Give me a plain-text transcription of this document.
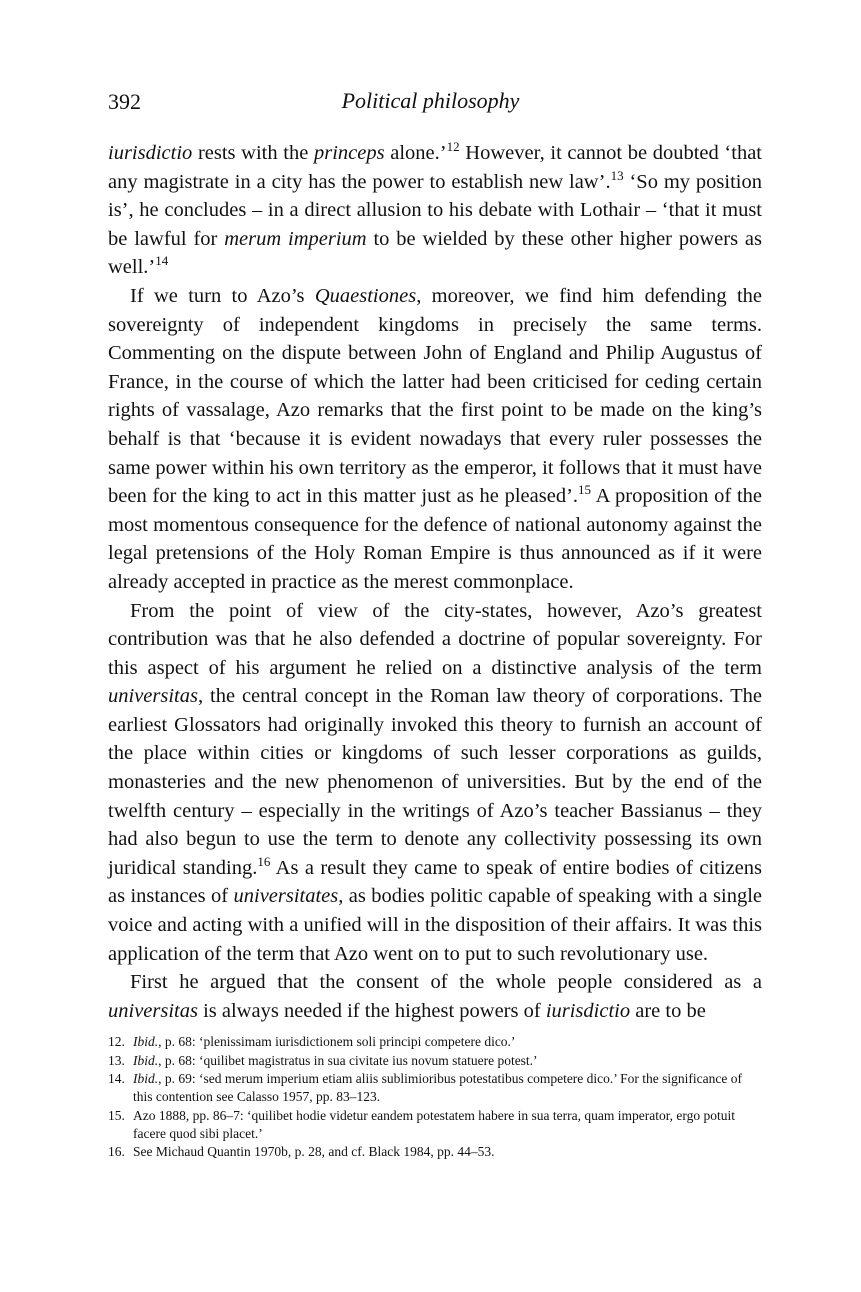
392	Political philosophy

iurisdictio rests with the princeps alone.’$^{12}$ However, it cannot be doubted ‘that any magistrate in a city has the power to establish new law’.$^{13}$ ‘So my position is’, he concludes – in a direct allusion to his debate with Lothair – ‘that it must be lawful for merum imperium to be wielded by these other higher powers as well.’$^{14}$

If we turn to Azo’s Quaestiones, moreover, we find him defending the sovereignty of independent kingdoms in precisely the same terms. Commenting on the dispute between John of England and Philip Augustus of France, in the course of which the latter had been criticised for ceding certain rights of vassalage, Azo remarks that the first point to be made on the king’s behalf is that ‘because it is evident nowadays that every ruler possesses the same power within his own territory as the emperor, it follows that it must have been for the king to act in this matter just as he pleased’.$^{15}$ A proposition of the most momentous consequence for the defence of national autonomy against the legal pretensions of the Holy Roman Empire is thus announced as if it were already accepted in practice as the merest commonplace.

From the point of view of the city-states, however, Azo’s greatest contribution was that he also defended a doctrine of popular sovereignty. For this aspect of his argument he relied on a distinctive analysis of the term universitas, the central concept in the Roman law theory of corporations. The earliest Glossators had originally invoked this theory to furnish an account of the place within cities or kingdoms of such lesser corporations as guilds, monasteries and the new phenomenon of universities. But by the end of the twelfth century – especially in the writings of Azo’s teacher Bassianus – they had also begun to use the term to denote any collectivity possessing its own juridical standing.$^{16}$ As a result they came to speak of entire bodies of citizens as instances of universitates, as bodies politic capable of speaking with a single voice and acting with a unified will in the disposition of their affairs. It was this application of the term that Azo went on to put to such revolutionary use.

First he argued that the consent of the whole people considered as a universitas is always needed if the highest powers of iurisdictio are to be

12. Ibid., p. 68: ‘plenissimam iurisdictionem soli principi competere dico.’
13. Ibid., p. 68: ‘quilibet magistratus in sua civitate ius novum statuere potest.’
14. Ibid., p. 69: ‘sed merum imperium etiam aliis sublimioribus potestatibus competere dico.’ For the significance of this contention see Calasso 1957, pp. 83–123.
15. Azo 1888, pp. 86–7: ‘quilibet hodie videtur eandem potestatem habere in sua terra, quam imperator, ergo potuit facere quod sibi placet.’
16. See Michaud Quantin 1970b, p. 28, and cf. Black 1984, pp. 44–53.
